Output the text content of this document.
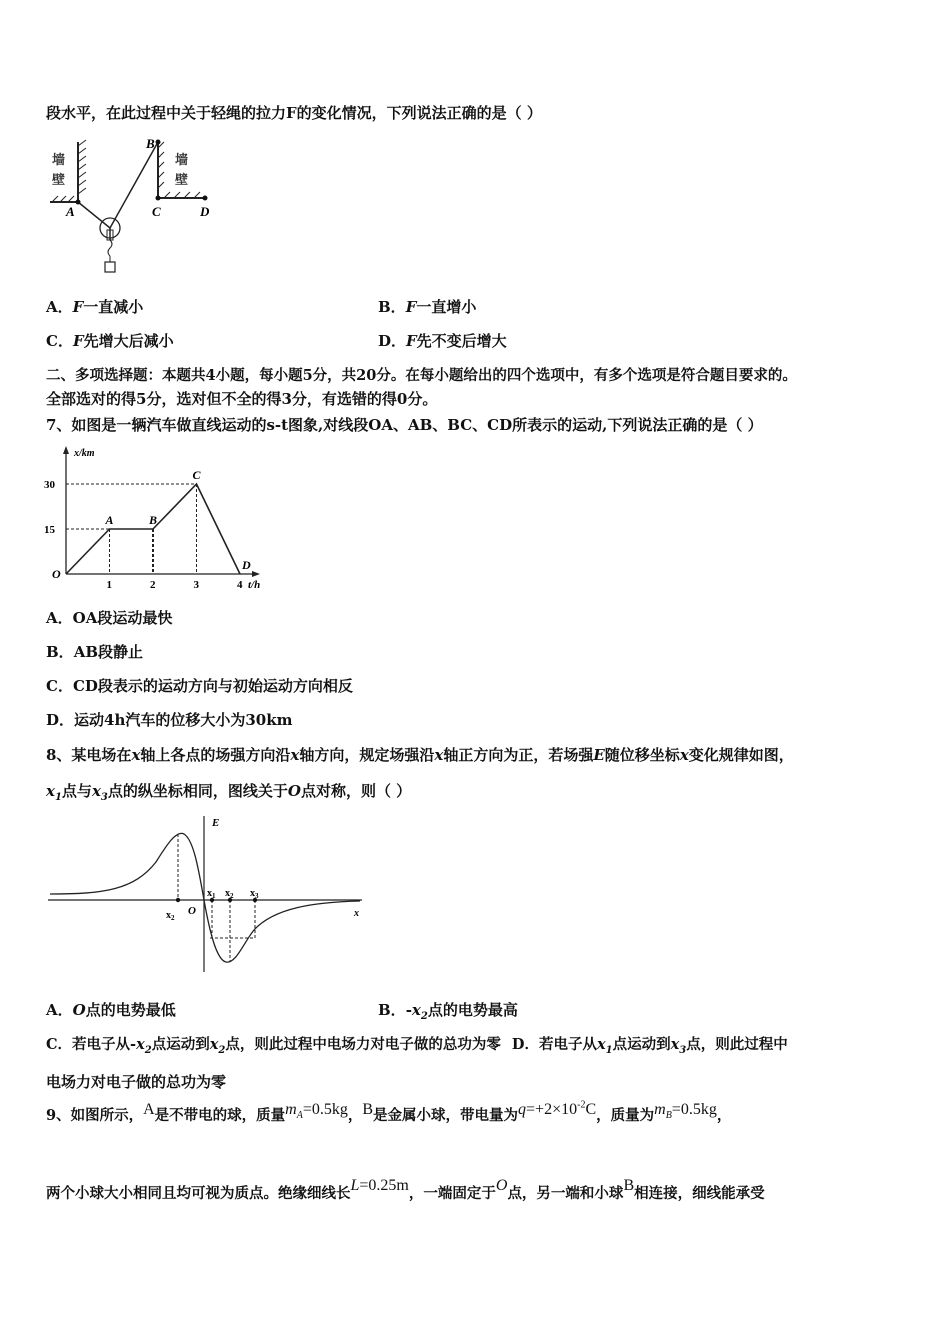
段水平，在此过程中关于轻绳的拉力F的变化情况，下列说法正确的是（ ）
墙
壁
墙
壁
A
B
C	D
A．F一直减小	B．F一直增小
C．F先增大后减小	D．F先不变后增大
二、多项选择题：本题共4小题，每小题5分，共20分。在每小题给出的四个选项中，有多个选项是符合题目要求的。
全部选对的得5分，选对但不全的得3分，有选错的得0分。
7、如图是一辆汽车做直线运动的s-t图象,对线段OA、AB、BC、CD所表示的运动,下列说法正确的是（ ）
x/km
t/h
O
1	2	3	4
15
30
A	B
C
D
A．OA段运动最快
B．AB段静止
C．CD段表示的运动方向与初始运动方向相反
D．运动4h汽车的位移大小为30km
8、某电场在x轴上各点的场强方向沿x轴方向，规定场强沿x轴正方向为正，若场强E随位移坐标x变化规律如图，
$x_1$点与$x_3$点的纵坐标相同，图线关于O点对称，则（ ）
E
O	x
$x_2$
$x_1$ $x_2$ $x_3$
A．O点的电势最低	B．$-x_2$点的电势最高
C．若电子从$-x_2$点运动到$x_2$点，则此过程中电场力对电子做的总功为零 D．若电子从$x_1$点运动到$x_3$点，则此过程中
电场力对电子做的总功为零
9、如图所示，A是不带电的球，质量$m_A=0.5kg$，B是金属小球，带电量为$q=+2\times 10^{-2}C$，质量为$m_B=0.5kg$，
两个小球大小相同且均可视为质点。绝缘细线长L=0.25m，一端固定于O点，另一端和小球B相连接，细线能承受
